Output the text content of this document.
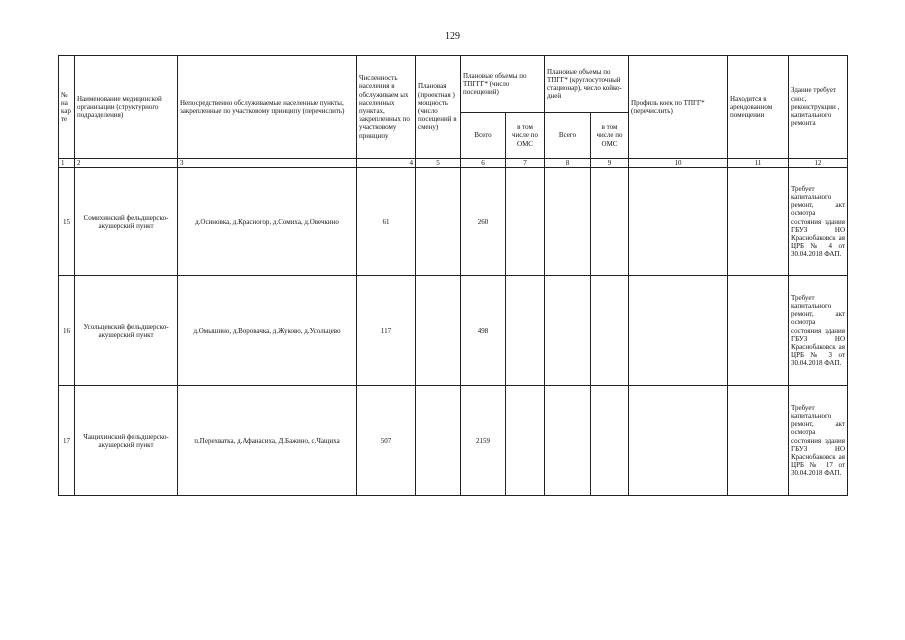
129
№ на кар те	Наименование медицинской организации (структурного подразделения)	Непосредственно обслуживаемые населенные пункты, закрепленные по участковому принципу (перечислить)	Численность населения в обслуживаем ых населенных пунктах, закрепленных по участковому принципу	Плановая (проектная ) мощность (число посещений в смену)	Плановые объемы по ТПГГГ* (число посещений)		Плановые объемы по ТПГГ* (круглосуточный стационар), число койко-дней		Профиль коек по ТПГГ* (перечислить)	Находится в арендованном помещении	Здание требует снос, реконструкции , капитального ремонта
					Всего	в том числе по ОМС	Всего	в том числе по ОМС			
1	2	3	4	5	6	7	8	9	10	11	12
15	Сомихинский фельдшерско-акушерский пункт	д.Осиновка, д.Красногор, д.Сомиха, д.Овечкино	61		260						Требует капитального ремонт, акт осмотра состояния здания ГБУЗ НО Краснобаковск ая ЦРБ № 4 от 30.04.2018 ФАП.
16	Усольцевский фельдшерско-акушерский пункт	д.Омышино, д.Воровачка, д.Жуково, д.Усольцево	117		498						Требует капитального ремонт, акт осмотра состояния здания ГБУЗ НО Краснобаковск ая ЦРБ № 3 от 30.04.2018 ФАП.
17	Чащихинский фельдшерско-акушерский пункт	п.Перехватка, д.Афанасиха, Д.Бажино, с.Чащиха	507		2159						Требует капитального ремонт, акт осмотра состояния здания ГБУЗ НО Краснобаковск ая ЦРБ № 17 от 30.04.2018 ФАП.
